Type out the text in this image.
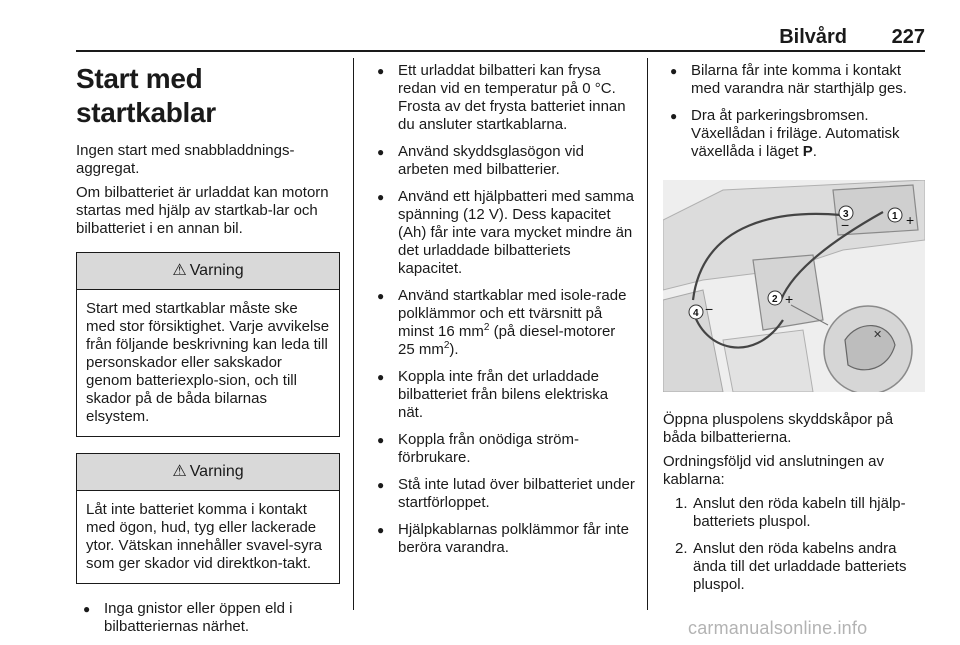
Bilvård 227
Start med startkablar

Ingen start med snabbladdnings-aggregat.

Om bilbatteriet är urladdat kan motorn startas med hjälp av startkab-lar och bilbatteriet i en annan bil.

⚠ Varning
Start med startkablar måste ske med stor försiktighet. Varje avvikelse från följande beskrivning kan leda till personskador eller sakskador genom batteriexplo-sion, och till skador på de båda bilarnas elsystem.
⚠ Varning
Låt inte batteriet komma i kontakt med ögon, hud, tyg eller lackerade ytor. Vätskan innehåller svavel-syra som ger skador vid direktkon-takt.
● Inga gnistor eller öppen eld i bilbatteriernas närhet.
● Ett urladdat bilbatteri kan frysa redan vid en temperatur på 0 °C. Frosta av det frysta batteriet innan du ansluter startkablarna.
● Använd skyddsglasögon vid arbeten med bilbatterier.
● Använd ett hjälpbatteri med samma spänning (12 V). Dess kapacitet (Ah) får inte vara mycket mindre än det urladdade bilbatteriets kapacitet.
● Använd startkablar med isole-rade polklämmor och ett tvärsnitt på minst 16 $mm^2$ (på diesel-motorer 25 $mm^2$).
● Koppla inte från det urladdade bilbatteriet från bilens elektriska nät.
● Koppla från onödiga ström-förbrukare.
● Stå inte lutad över bilbatteriet under startförloppet.
● Hjälpkablarnas polklämmor får inte beröra varandra.
● Bilarna får inte komma i kontakt med varandra när starthjälp ges.
● Dra åt parkeringsbromsen. Växellådan i friläge. Automatisk växellåda i läget P.
✕
1 +
3
−
2 +
4 −

Öppna pluspolens skyddskåpor på båda bilbatterierna.

Ordningsföljd vid anslutningen av kablarna:

1. Anslut den röda kabeln till hjälp-batteriets pluspol.
2. Anslut den röda kabelns andra ända till det urladdade batteriets pluspol.
carmanualsonline.info
